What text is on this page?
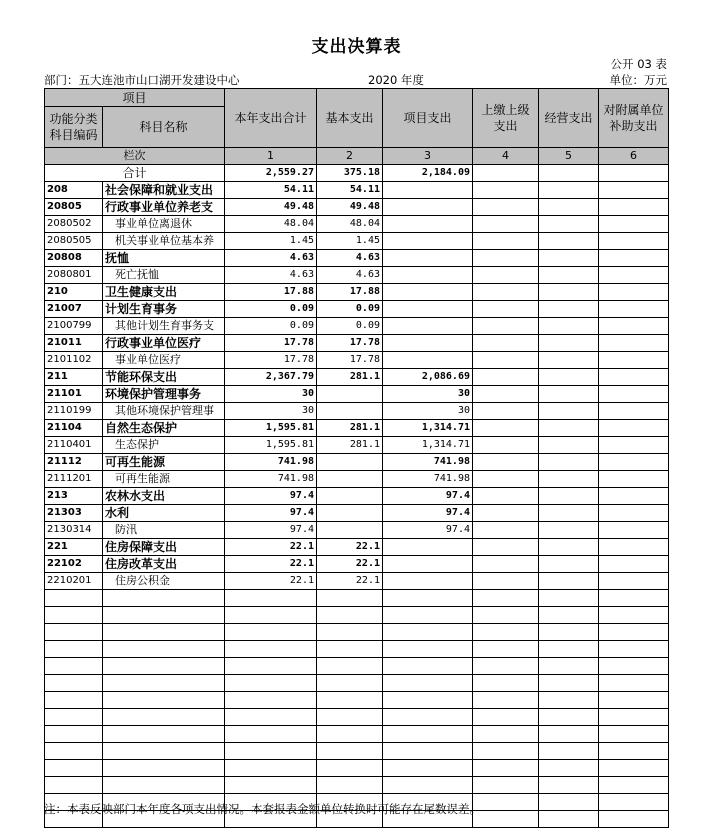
支出决算表
公开 03 表
部门：五大连池市山口湖开发建设中心	2020 年度	单位：万元
项目		本年支出合计	基本支出	项目支出	上缴上级支出	经营支出	对附属单位补助支出
功能分类科目编码	科目名称						
栏次		1	2	3	4	5	6
合计		2,559.27	375.18	2,184.09			
208	社会保障和就业支出	54.11	54.11				
20805	行政事业单位养老支	49.48	49.48				
2080502	事业单位离退休	48.04	48.04				
2080505	机关事业单位基本养	1.45	1.45				
20808	抚恤	4.63	4.63				
2080801	死亡抚恤	4.63	4.63				
210	卫生健康支出	17.88	17.88				
21007	计划生育事务	0.09	0.09				
2100799	其他计划生育事务支	0.09	0.09				
21011	行政事业单位医疗	17.78	17.78				
2101102	事业单位医疗	17.78	17.78				
211	节能环保支出	2,367.79	281.1	2,086.69			
21101	环境保护管理事务	30		30			
2110199	其他环境保护管理事	30		30			
21104	自然生态保护	1,595.81	281.1	1,314.71			
2110401	生态保护	1,595.81	281.1	1,314.71			
21112	可再生能源	741.98		741.98			
2111201	可再生能源	741.98		741.98			
213	农林水支出	97.4		97.4			
21303	水利	97.4		97.4			
2130314	防汛	97.4		97.4			
221	住房保障支出	22.1	22.1				
22102	住房改革支出	22.1	22.1				
2210201	住房公积金	22.1	22.1				

注：本表反映部门本年度各项支出情况。本套报表金额单位转换时可能存在尾数误差。
